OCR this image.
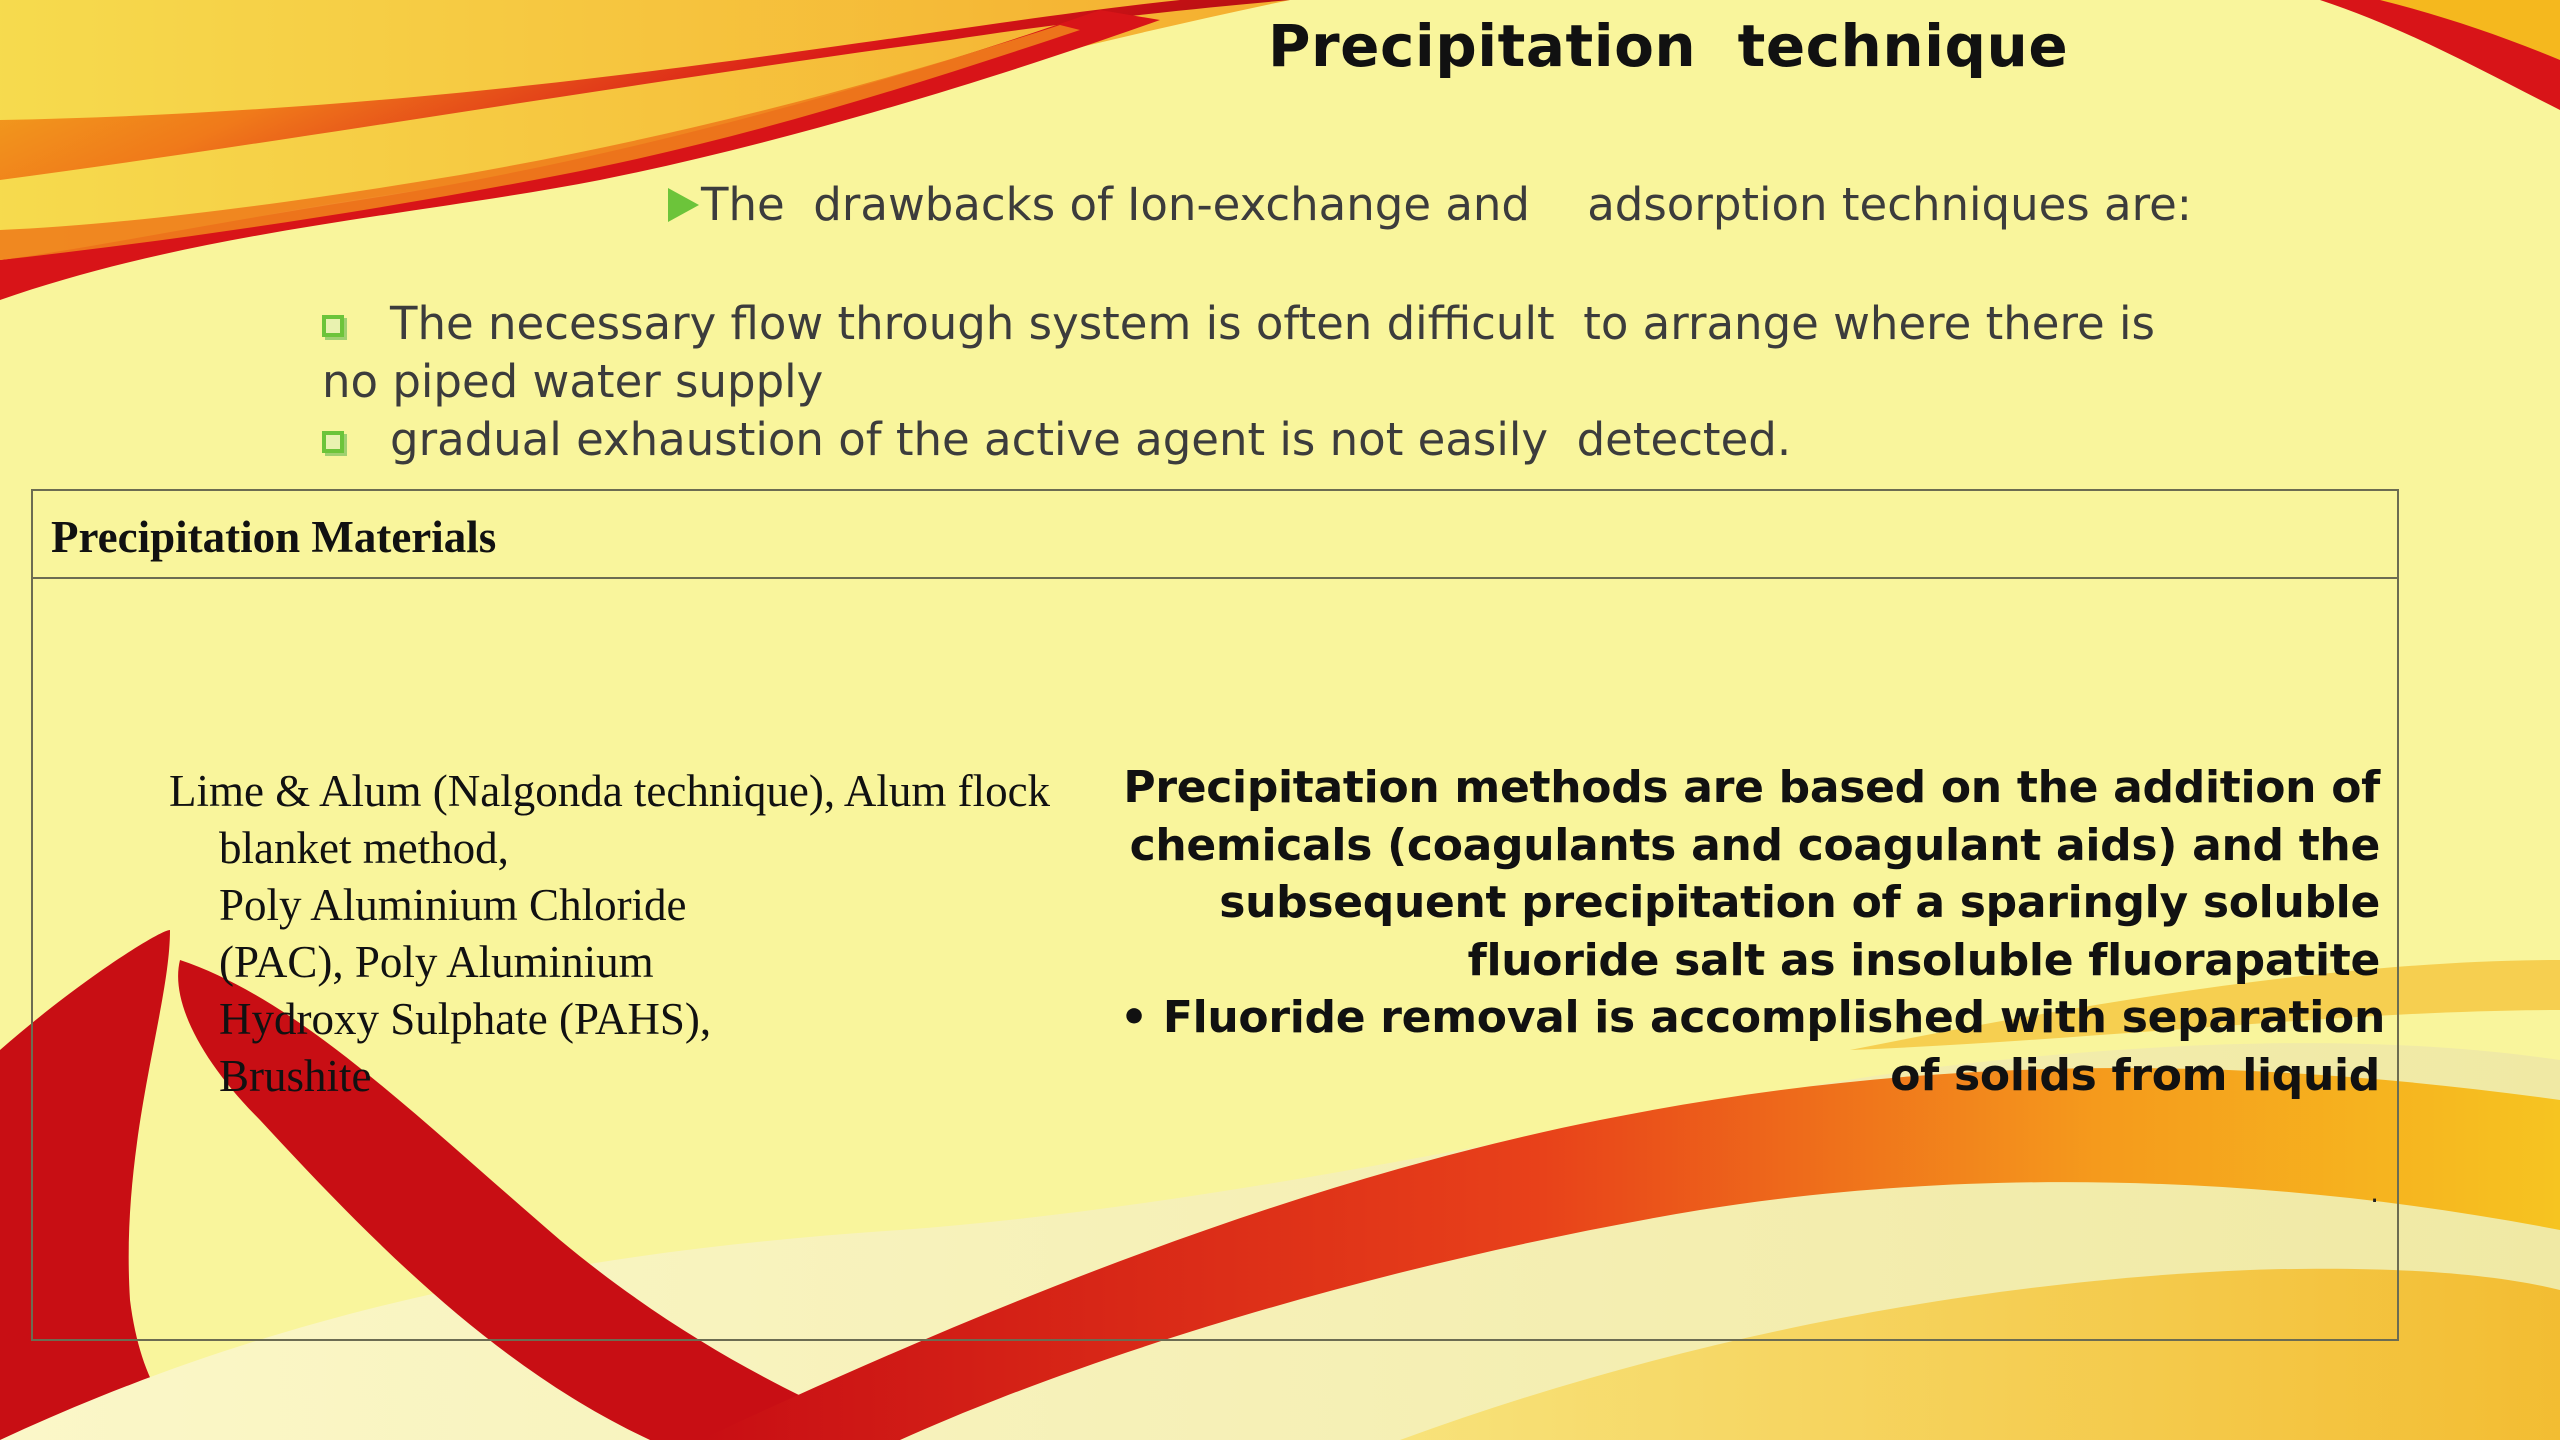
Precipitation  technique
The  drawbacks of Ion-exchange and    adsorption techniques are:
The necessary flow through system is often difficult  to arrange where there is
no piped water supply
gradual exhaustion of the active agent is not easily  detected.
Precipitation Materials
Lime & Alum (Nalgonda technique), Alum flock
blanket method,
Poly Aluminium Chloride
(PAC), Poly Aluminium
Hydroxy Sulphate (PAHS),
Brushite
Precipitation methods are based on the addition of
chemicals (coagulants and coagulant aids) and the
subsequent precipitation of a sparingly soluble
fluoride salt as insoluble fluorapatite
• Fluoride removal is accomplished with separation
of solids from liquid
.
